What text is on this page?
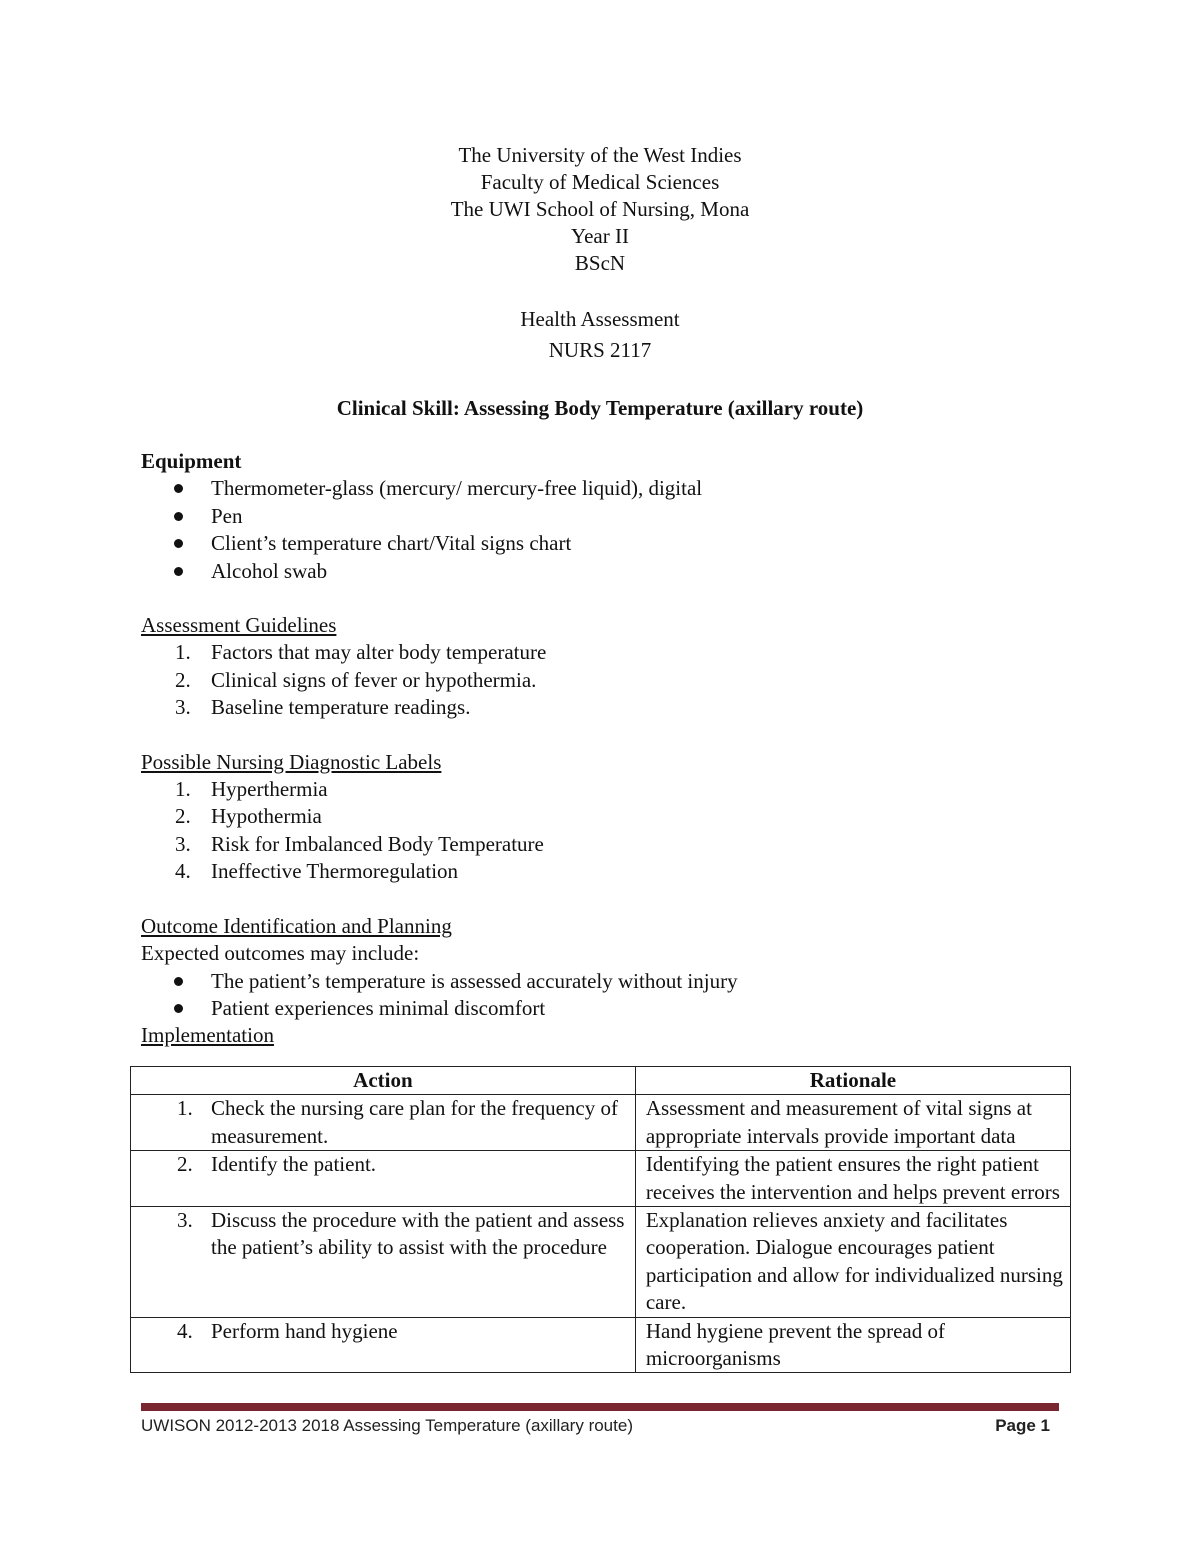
The University of the West Indies
Faculty of Medical Sciences
The UWI School of Nursing, Mona
Year II
BScN
Health Assessment
NURS 2117
Clinical Skill: Assessing Body Temperature (axillary route)
Equipment
Thermometer-glass (mercury/ mercury-free liquid), digital
Pen
Client’s temperature chart/Vital signs chart
Alcohol swab
Assessment Guidelines
1. Factors that may alter body temperature
2. Clinical signs of fever or hypothermia.
3. Baseline temperature readings.
Possible Nursing Diagnostic Labels
1. Hyperthermia
2. Hypothermia
3. Risk for Imbalanced Body Temperature
4. Ineffective Thermoregulation
Outcome Identification and Planning
Expected outcomes may include:
The patient’s temperature is assessed accurately without injury
Patient experiences minimal discomfort
Implementation
Action	Rationale

1. Check the nursing care plan for the frequency of measurement.	Assessment and measurement of vital signs at appropriate intervals provide important data

2. Identify the patient.	Identifying the patient ensures the right patient receives the intervention and helps prevent errors

3. Discuss the procedure with the patient and assess the patient’s ability to assist with the procedure	Explanation relieves anxiety and facilitates cooperation. Dialogue encourages patient participation and allow for individualized nursing care.

4. Perform hand hygiene	Hand hygiene prevent the spread of microorganisms
UWISON 2012-2013 2018 Assessing Temperature (axillary route)	Page 1
